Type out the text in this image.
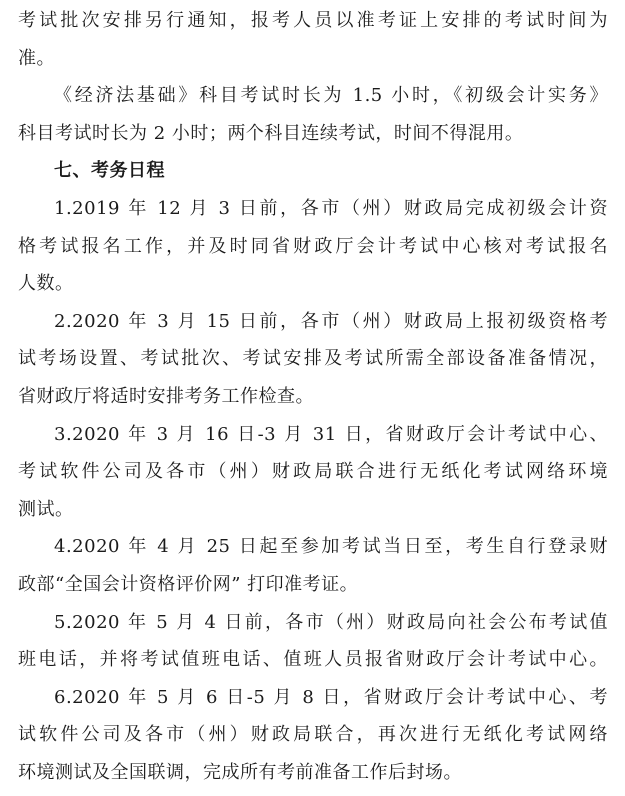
考试批次安排另行通知，报考人员以准考证上安排的考试时间为
准。
《经济法基础》科目考试时长为 1.5 小时，《初级会计实务》
科目考试时长为 2 小时；两个科目连续考试，时间不得混用。
七、考务日程
1.2019 年 12 月 3 日前，各市（州）财政局完成初级会计资
格考试报名工作，并及时同省财政厅会计考试中心核对考试报名
人数。
2.2020 年 3 月 15 日前，各市（州）财政局上报初级资格考
试考场设置、考试批次、考试安排及考试所需全部设备准备情况，
省财政厅将适时安排考务工作检查。
3.2020 年 3 月 16 日-3 月 31 日，省财政厅会计考试中心、
考试软件公司及各市（州）财政局联合进行无纸化考试网络环境
测试。
4.2020 年 4 月 25 日起至参加考试当日至，考生自行登录财
政部“全国会计资格评价网” 打印准考证。
5.2020 年 5 月 4 日前，各市（州）财政局向社会公布考试值
班电话，并将考试值班电话、值班人员报省财政厅会计考试中心。
6.2020 年 5 月 6 日-5 月 8 日，省财政厅会计考试中心、考
试软件公司及各市（州）财政局联合，再次进行无纸化考试网络
环境测试及全国联调，完成所有考前准备工作后封场。
